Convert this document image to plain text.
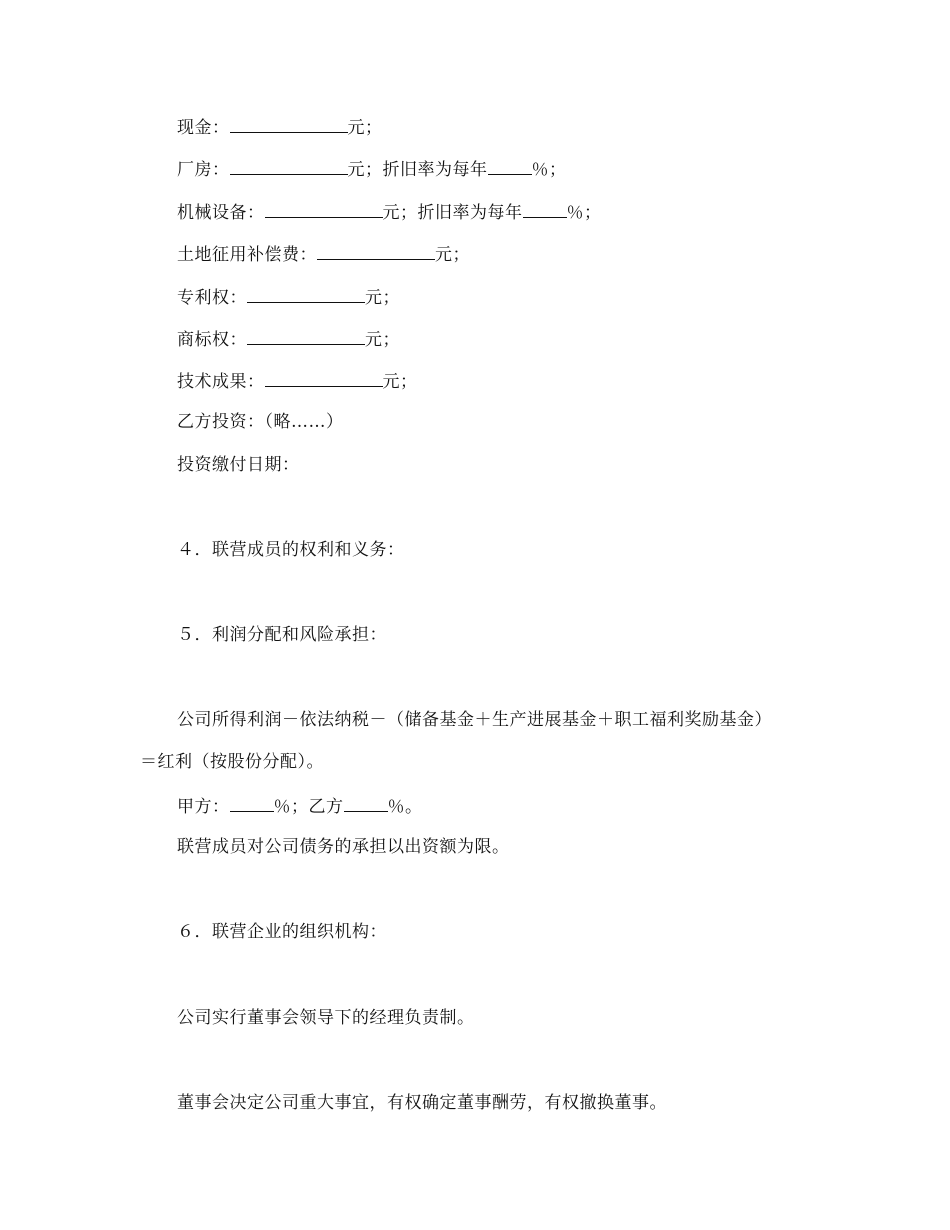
现金：	元；
厂房：	元；折旧率为每年	％；
机械设备：	元；折旧率为每年	％；
土地征用补偿费：	元；
专利权：	元；
商标权：	元；
技术成果：	元；
乙方投资：（略……）
投资缴付日期：
４．联营成员的权利和义务：
５．利润分配和风险承担：
公司所得利润－依法纳税－（储备基金＋生产进展基金＋职工福利奖励基金）
＝红利（按股份分配）。
甲方：	％；乙方	％。
联营成员对公司债务的承担以出资额为限。
６．联营企业的组织机构：
公司实行董事会领导下的经理负责制。
董事会决定公司重大事宜，有权确定董事酬劳，有权撤换董事。
